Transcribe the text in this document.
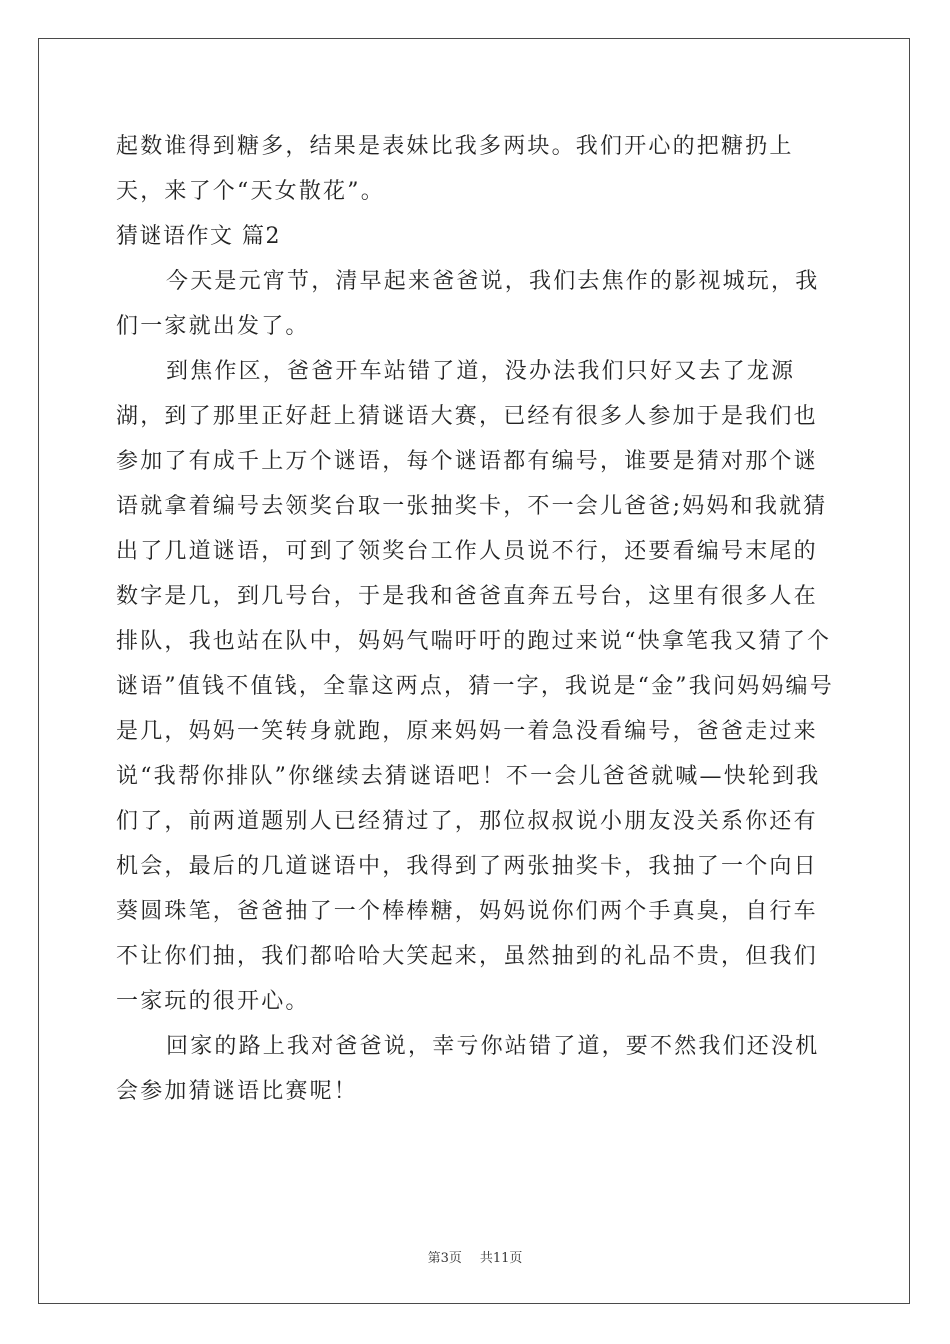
起数谁得到糖多，结果是表妹比我多两块。我们开心的把糖扔上天，来了个“天女散花”。

猜谜语作文 篇2

今天是元宵节，清早起来爸爸说，我们去焦作的影视城玩，我们一家就出发了。

到焦作区，爸爸开车站错了道，没办法我们只好又去了龙源湖，到了那里正好赶上猜谜语大赛，已经有很多人参加于是我们也参加了有成千上万个谜语，每个谜语都有编号，谁要是猜对那个谜语就拿着编号去领奖台取一张抽奖卡，不一会儿爸爸;妈妈和我就猜出了几道谜语，可到了领奖台工作人员说不行，还要看编号末尾的数字是几，到几号台，于是我和爸爸直奔五号台，这里有很多人在排队，我也站在队中，妈妈气喘吁吁的跑过来说“快拿笔我又猜了个谜语”值钱不值钱，全靠这两点，猜一字，我说是“金”我问妈妈编号是几，妈妈一笑转身就跑，原来妈妈一着急没看编号，爸爸走过来说“我帮你排队”你继续去猜谜语吧！不一会儿爸爸就喊—快轮到我们了，前两道题别人已经猜过了，那位叔叔说小朋友没关系你还有机会，最后的几道谜语中，我得到了两张抽奖卡，我抽了一个向日葵圆珠笔，爸爸抽了一个棒棒糖，妈妈说你们两个手真臭，自行车不让你们抽，我们都哈哈大笑起来，虽然抽到的礼品不贵，但我们一家玩的很开心。

回家的路上我对爸爸说，幸亏你站错了道，要不然我们还没机会参加猜谜语比赛呢！

第3页 共11页
